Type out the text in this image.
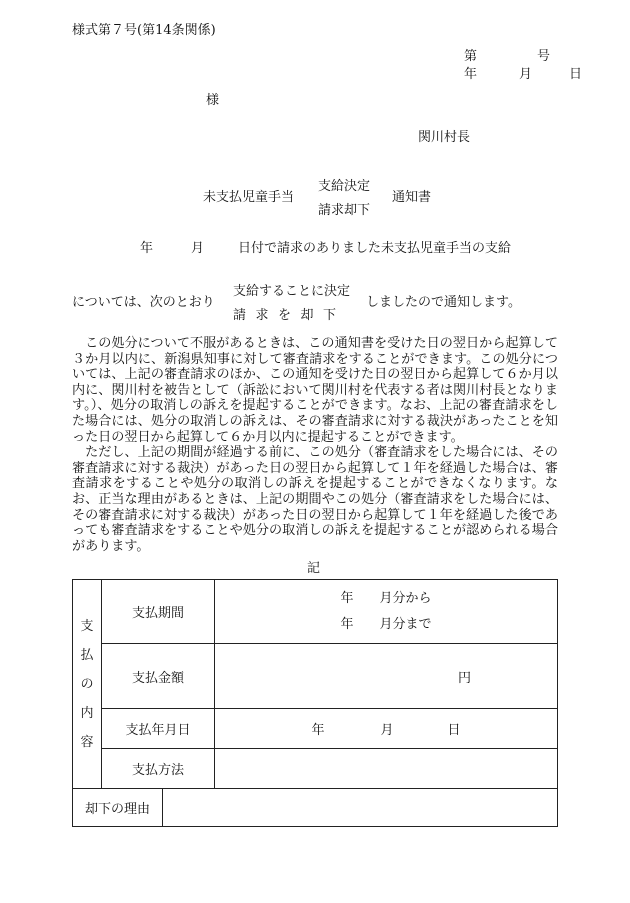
様式第７号(第14条関係)
第	号
年	月	日
様
関川村長
未支払児童手当
支給決定
請求却下
通知書
年	月	日付で請求のありました未支払児童手当の支給
については、次のとおり
支給することに決定
請求を却下
しましたので通知します。

この処分について不服があるときは、この通知書を受けた日の翌日から起算して３か月以内に、新潟県知事に対して審査請求をすることができます。この処分については、上記の審査請求のほか、この通知を受けた日の翌日から起算して６か月以内に、関川村を被告として（訴訟において関川村を代表する者は関川村長となります。）、処分の取消しの訴えを提起することができます。なお、上記の審査請求をした場合には、処分の取消しの訴えは、その審査請求に対する裁決があったことを知った日の翌日から起算して６か月以内に提起することができます。

ただし、上記の期間が経過する前に、この処分（審査請求をした場合には、その審査請求に対する裁決）があった日の翌日から起算して１年を経過した場合は、審査請求をすることや処分の取消しの訴えを提起することができなくなります。なお、正当な理由があるときは、上記の期間やこの処分（審査請求をした場合には、その審査請求に対する裁決）があった日の翌日から起算して１年を経過した後であっても審査請求をすることや処分の取消しの訴えを提起することが認められる場合があります。

記
支
払
の
内
容	支払期間	年 月分から
年 月分まで

	支払金額	円
	支払年月日	年 月 日
	支払方法	
却下の理由	
